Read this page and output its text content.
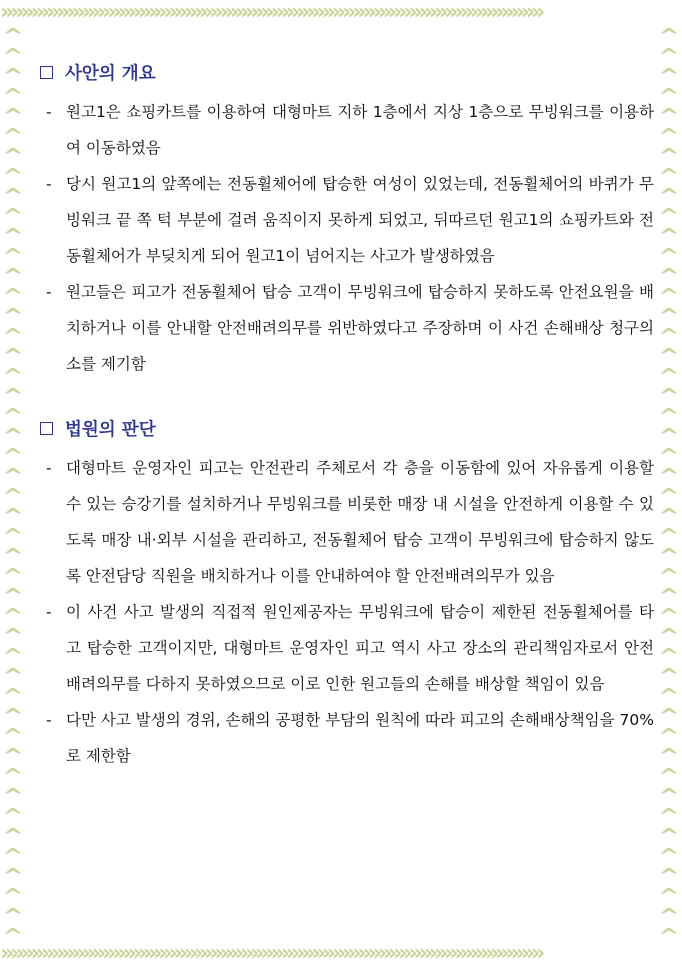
»»»»»»»»»»»»»»»»»»»»»»»»»»»»»»»»»»»»»»»»»»»»»»»»»»»»»
»»»»»»»»»»»»»»»»»»»»»»»»»»»»»»»»»»»»»»»»»»»»»»»»»»»»»
^
^
^
^
^
^
^
^
^
^
^
^
^
^
^
^
^
^
^
^
^
^
^
^
^
^
^
^
^
^
^
^
^
^
^
^
^
^
^
^
^
^
^
^
^
^
^
^
^
^
^
^
^
^
^
^
^
^
^
^
^
^
^
^
^
^
^
^
^
^
^
^
^
^
^
^
^
^
^
^
^
^
^
^
^
^
^
^
^
^
^
^
사안의 개요
- 원고1은 쇼핑카트를 이용하여 대형마트 지하 1층에서 지상 1층으로 무빙워크를 이용하여 이동하였음
- 당시 원고1의 앞쪽에는 전동휠체어에 탑승한 여성이 있었는데, 전동휠체어의 바퀴가 무빙워크 끝 쪽 턱 부분에 걸려 움직이지 못하게 되었고, 뒤따르던 원고1의 쇼핑카트와 전동휠체어가 부딪치게 되어 원고1이 넘어지는 사고가 발생하였음
- 원고들은 피고가 전동휠체어 탑승 고객이 무빙워크에 탑승하지 못하도록 안전요원을 배치하거나 이를 안내할 안전배려의무를 위반하였다고 주장하며 이 사건 손해배상 청구의 소를 제기함
법원의 판단
- 대형마트 운영자인 피고는 안전관리 주체로서 각 층을 이동함에 있어 자유롭게 이용할 수 있는 승강기를 설치하거나 무빙워크를 비롯한 매장 내 시설을 안전하게 이용할 수 있도록 매장 내·외부 시설을 관리하고, 전동휠체어 탑승 고객이 무빙워크에 탑승하지 않도록 안전담당 직원을 배치하거나 이를 안내하여야 할 안전배려의무가 있음
- 이 사건 사고 발생의 직접적 원인제공자는 무빙워크에 탑승이 제한된 전동휠체어를 타고 탑승한 고객이지만, 대형마트 운영자인 피고 역시 사고 장소의 관리책임자로서 안전배려의무를 다하지 못하였으므로 이로 인한 원고들의 손해를 배상할 책임이 있음
- 다만 사고 발생의 경위, 손해의 공평한 부담의 원칙에 따라 피고의 손해배상책임을 70%로 제한함
